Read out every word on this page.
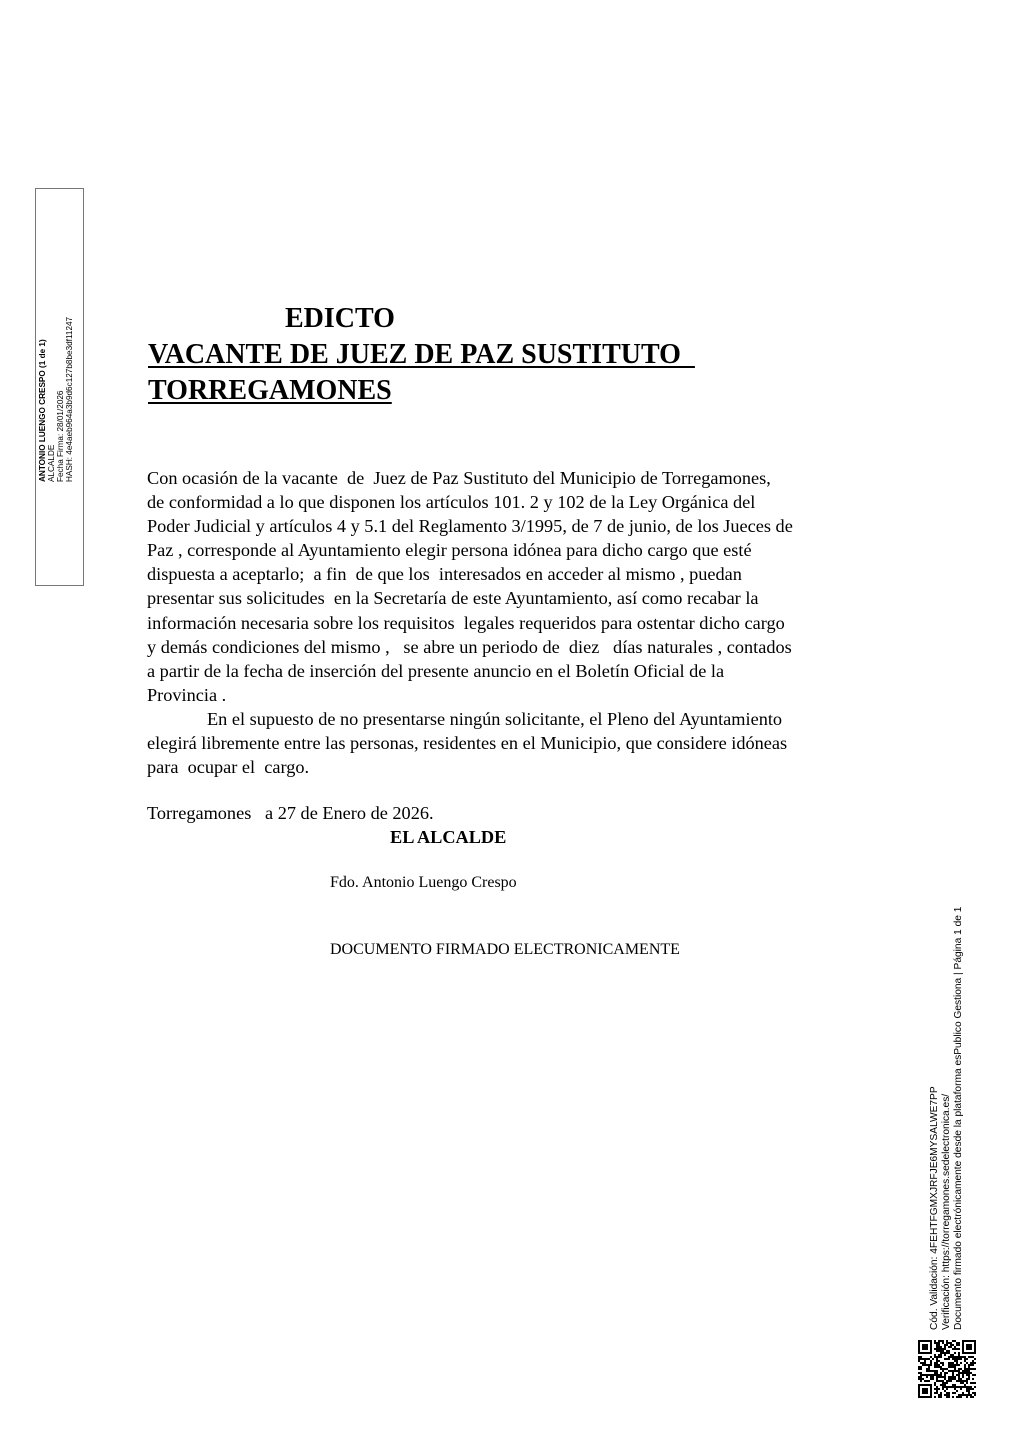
ANTONIO LUENGO CRESPO (1 de 1) ALCALDE Fecha Firma: 28/01/2026 HASH: 4e4aeb964a3b9d6c127b8be3df11247	EDICTO
VACANTE DE JUEZ DE PAZ SUSTITUTO
TORREGAMONES

Con ocasión de la vacante  de  Juez de Paz Sustituto del Municipio de Torregamones,

de conformidad a lo que disponen los artículos 101. 2 y 102 de la Ley Orgánica del

Poder Judicial y artículos 4 y 5.1 del Reglamento 3/1995, de 7 de junio, de los Jueces de

Paz , corresponde al Ayuntamiento elegir persona idónea para dicho cargo que esté

dispuesta a aceptarlo;  a fin  de que los  interesados en acceder al mismo , puedan

presentar sus solicitudes  en la Secretaría de este Ayuntamiento, así como recabar la

información necesaria sobre los requisitos  legales requeridos para ostentar dicho cargo

y demás condiciones del mismo ,   se abre un periodo de  diez   días naturales , contados

a partir de la fecha de inserción del presente anuncio en el Boletín Oficial de la

Provincia .

En el supuesto de no presentarse ningún solicitante, el Pleno del Ayuntamiento

elegirá libremente entre las personas, residentes en el Municipio, que considere idóneas

para  ocupar el  cargo.

Torregamones   a 27 de Enero de 2026.
EL ALCALDE
Fdo. Antonio Luengo Crespo
DOCUMENTO FIRMADO ELECTRONICAMENTE
Cód. Validación: 4FEHTFGMXJRFJE6MYSALWE7PP Verificación: https://torregamones.sedelectronica.es/ Documento firmado electrónicamente desde la plataforma esPublico Gestiona | Página 1 de 1
